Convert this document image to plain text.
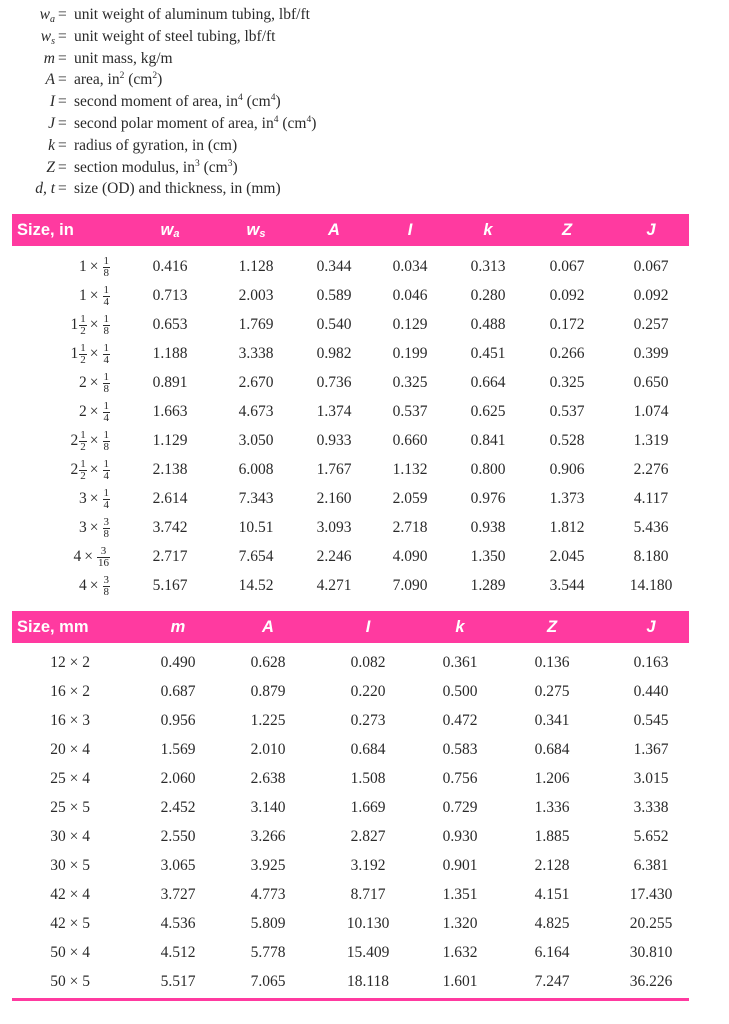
$w_a$ = unit weight of aluminum tubing, lbf/ft
$w_s$ = unit weight of steel tubing, lbf/ft
m = unit mass, kg/m
A = area, $in^2$ $(cm^2)$
I = second moment of area, $in^4$ $(cm^4)$
J = second polar moment of area, $in^4$ $(cm^4)$
k = radius of gyration, in (cm)
Z = section modulus, $in^3$ $(cm^3)$
d, t = size (OD) and thickness, in (mm)
Size, in	wa	ws	A	I	k	Z	J
$1 \times \frac{1}{8}$	0.416	1.128	0.344	0.034	0.313	0.067	0.067
$1 \times \frac{1}{4}$	0.713	2.003	0.589	0.046	0.280	0.092	0.092
$1 \frac{1}{2} \times \frac{1}{8}$	0.653	1.769	0.540	0.129	0.488	0.172	0.257
$1 \frac{1}{2} \times \frac{1}{4}$	1.188	3.338	0.982	0.199	0.451	0.266	0.399
$2 \times \frac{1}{8}$	0.891	2.670	0.736	0.325	0.664	0.325	0.650
$2 \times \frac{1}{4}$	1.663	4.673	1.374	0.537	0.625	0.537	1.074
$2 \frac{1}{2} \times \frac{1}{8}$	1.129	3.050	0.933	0.660	0.841	0.528	1.319
$2 \frac{1}{2} \times \frac{1}{4}$	2.138	6.008	1.767	1.132	0.800	0.906	2.276
$3 \times \frac{1}{4}$	2.614	7.343	2.160	2.059	0.976	1.373	4.117
$3 \times \frac{3}{8}$	3.742	10.51	3.093	2.718	0.938	1.812	5.436
$4 \times \frac{3}{16}$	2.717	7.654	2.246	4.090	1.350	2.045	8.180
$4 \times \frac{3}{8}$	5.167	14.52	4.271	7.090	1.289	3.544	14.180
Size, mm	m	A	I	k	Z	J
12 × 2	0.490	0.628	0.082	0.361	0.136	0.163
16 × 2	0.687	0.879	0.220	0.500	0.275	0.440
16 × 3	0.956	1.225	0.273	0.472	0.341	0.545
20 × 4	1.569	2.010	0.684	0.583	0.684	1.367
25 × 4	2.060	2.638	1.508	0.756	1.206	3.015
25 × 5	2.452	3.140	1.669	0.729	1.336	3.338
30 × 4	2.550	3.266	2.827	0.930	1.885	5.652
30 × 5	3.065	3.925	3.192	0.901	2.128	6.381
42 × 4	3.727	4.773	8.717	1.351	4.151	17.430
42 × 5	4.536	5.809	10.130	1.320	4.825	20.255
50 × 4	4.512	5.778	15.409	1.632	6.164	30.810
50 × 5	5.517	7.065	18.118	1.601	7.247	36.226
